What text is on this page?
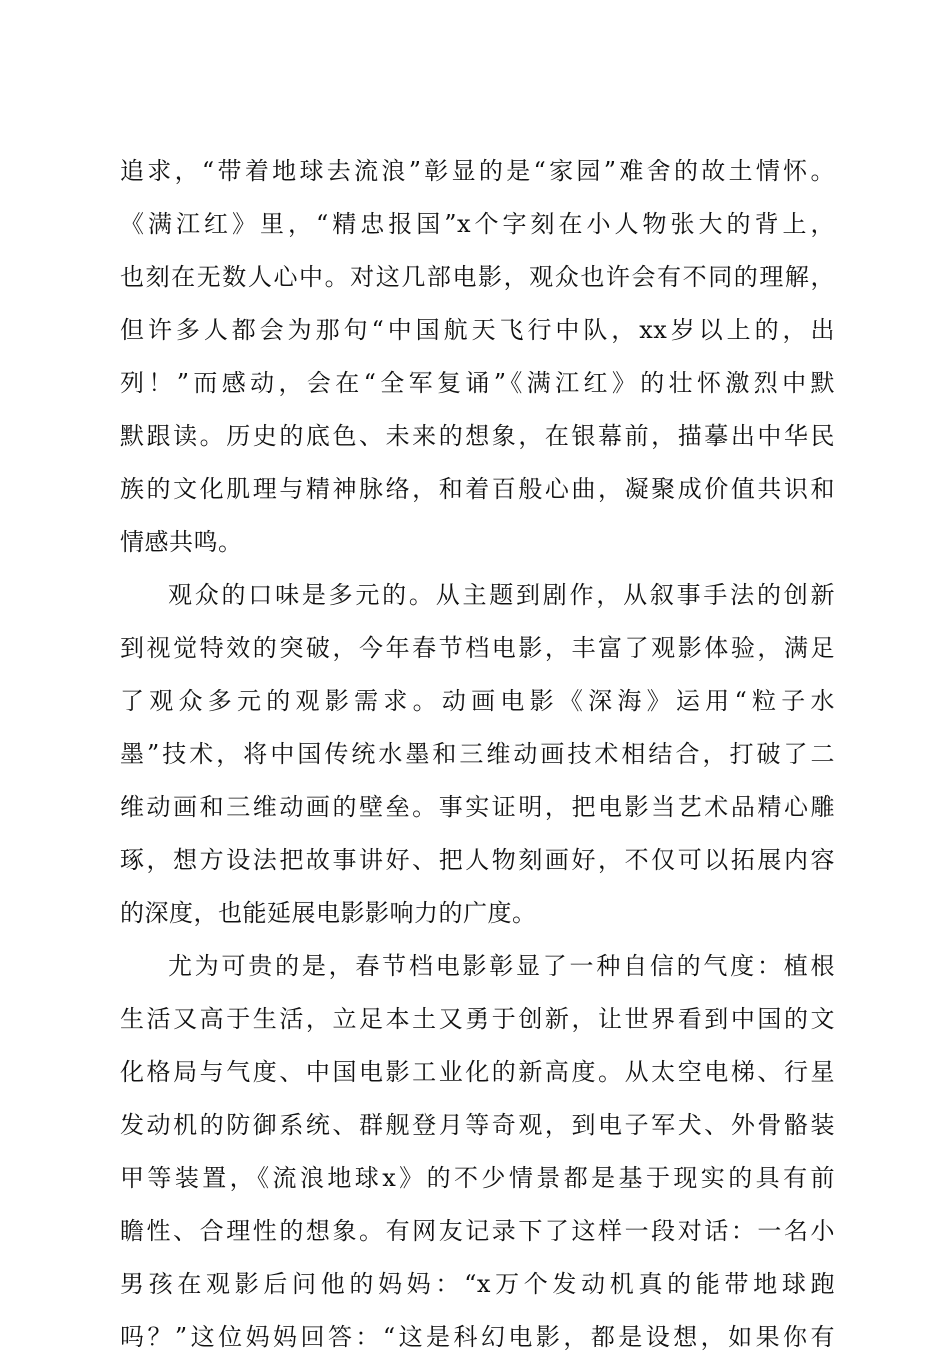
追求，“带着地球去流浪”彰显的是“家园”难舍的故土情怀。
《满江红》里，“精忠报国”x个字刻在小人物张大的背上，
也刻在无数人心中。对这几部电影，观众也许会有不同的理解，
但许多人都会为那句“中国航天飞行中队，xx岁以上的，出
列！”而感动，会在“全军复诵”《满江红》的壮怀激烈中默
默跟读。历史的底色、未来的想象，在银幕前，描摹出中华民
族的文化肌理与精神脉络，和着百般心曲，凝聚成价值共识和
情感共鸣。
观众的口味是多元的。从主题到剧作，从叙事手法的创新
到视觉特效的突破，今年春节档电影，丰富了观影体验，满足
了观众多元的观影需求。动画电影《深海》运用“粒子水
墨”技术，将中国传统水墨和三维动画技术相结合，打破了二
维动画和三维动画的壁垒。事实证明，把电影当艺术品精心雕
琢，想方设法把故事讲好、把人物刻画好，不仅可以拓展内容
的深度，也能延展电影影响力的广度。
尤为可贵的是，春节档电影彰显了一种自信的气度：植根
生活又高于生活，立足本土又勇于创新，让世界看到中国的文
化格局与气度、中国电影工业化的新高度。从太空电梯、行星
发动机的防御系统、群舰登月等奇观，到电子军犬、外骨骼装
甲等装置，《流浪地球x》的不少情景都是基于现实的具有前
瞻性、合理性的想象。有网友记录下了这样一段对话：一名小
男孩在观影后问他的妈妈：“x万个发动机真的能带地球跑
吗？”这位妈妈回答：“这是科幻电影，都是设想，如果你有
